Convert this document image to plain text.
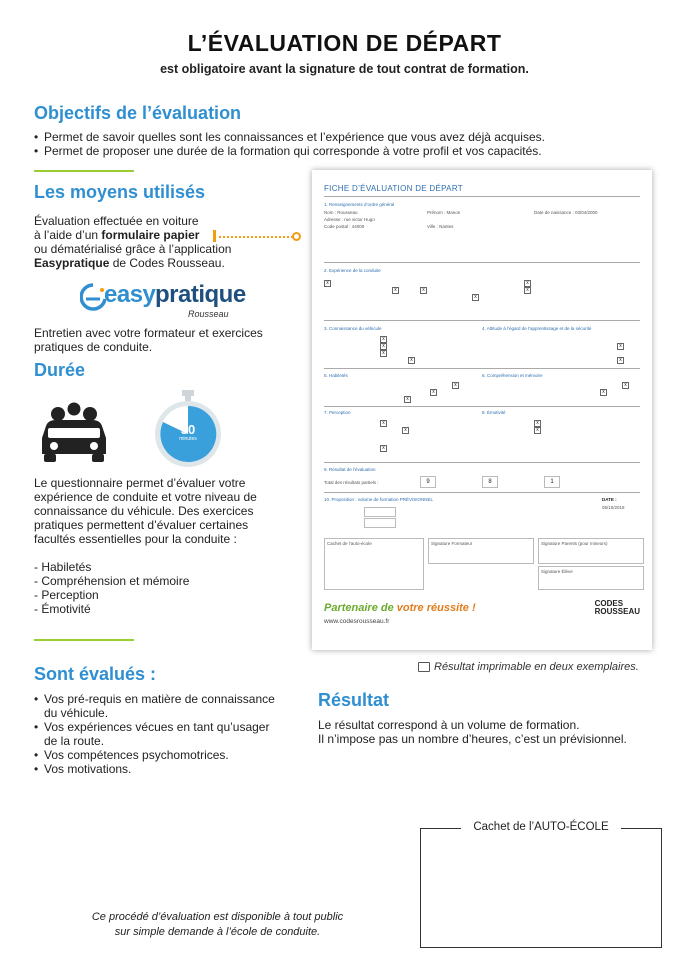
L’ÉVALUATION DE DÉPART
est obligatoire avant la signature de tout contrat de formation.
Objectifs de l’évaluation
• Permet de savoir quelles sont les connaissances et l’expérience que vous avez déjà acquises.
• Permet de proposer une durée de la formation qui corresponde à votre profil et vos capacités.
Les moyens utilisés
Évaluation effectuée en voiture
à l’aide d’un formulaire papier
ou dématérialisé grâce à l’application
Easypratique de Codes Rousseau.
easy pratique
Rousseau
Entretien avec votre formateur et exercices pratiques de conduite.
Durée
50
minutes
Le questionnaire permet d’évaluer votre expérience de conduite et votre niveau de connaissance du véhicule. Des exercices pratiques permettent d’évaluer certaines facultés essentielles pour la conduite :
- Habiletés
- Compréhension et mémoire
- Perception
- Émotivité
FICHE D’ÉVALUATION DE DÉPART
1. Renseignements d’ordre général
Nom : Rousseau	Prénom : Manon	Date de naissance : 03/04/2000
Adresse : rue victor Hugo
Code postal : 44000	Ville : Nantes
2. Expérience de la conduite
x
x	x
x
x
x
3. Connaissance du véhicule	4. Attitude à l’égard de l’apprentissage et de la sécurité
x
x
x
x
x
x
5. Habiletés	6. Compréhension et mémoire
x
x
x
x
x
7. Perception	8. Émotivité
x
x
x
x
x
9. Résultat de l’évaluation
Total des résultats partiels :	9	8	1
10. Proposition : volume de formation PRÉVISIONNEL	DATE :
05/10/2018
Cachet de l’auto-école	Signature Formateur	Signature Parents (pour mineurs)
Signature Élève
Partenaire de votre réussite !
www.codesrousseau.fr
CODES
ROUSSEAU
Résultat imprimable en deux exemplaires.
Sont évalués :
• Vos pré-requis en matière de connaissance du véhicule.
• Vos expériences vécues en tant qu’usager de la route.
• Vos compétences psychomotrices.
• Vos motivations.
Résultat
Le résultat correspond à un volume de formation.
Il n’impose pas un nombre d’heures, c’est un prévisionnel.
Cachet de l’AUTO-ÉCOLE
Ce procédé d’évaluation est disponible à tout public
sur simple demande à l’école de conduite.
